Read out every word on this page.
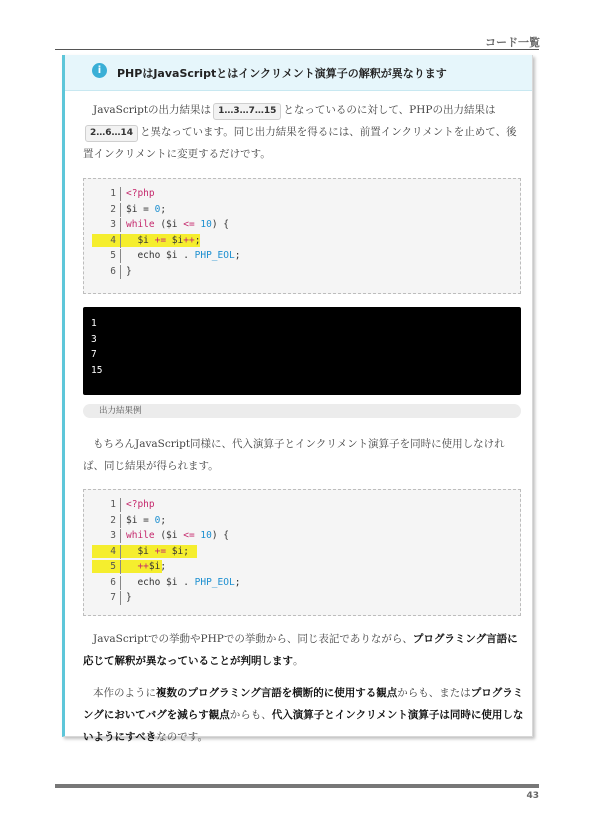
コード一覧
i	PHPはJavaScriptとはインクリメント演算子の解釈が異なります
JavaScriptの出力結果は 1…3…7…15 となっているのに対して、PHPの出力結果は2…6…14 と異なっています。同じ出力結果を得るには、前置インクリメントを止めて、後置インクリメントに変更するだけです。
1 <?php
2 $i = 0;
3 while ($i <= 10) {
4 $i += $i++;
5 echo $i . PHP_EOL;
6 }
1
3
7
15
出力結果例
もちろんJavaScript同様に、代入演算子とインクリメント演算子を同時に使用しなければ、同じ結果が得られます。
1 <?php
2 $i = 0;
3 while ($i <= 10) {
4 $i += $i;
5	++$i;
6 echo $i . PHP_EOL;
7 }
JavaScriptでの挙動やPHPでの挙動から、同じ表記でありながら、プログラミング言語に応じて解釈が異なっていることが判明します。
本作のように複数のプログラミング言語を横断的に使用する観点からも、またはプログラミングにおいてバグを減らす観点からも、代入演算子とインクリメント演算子は同時に使用しないようにすべきなのです。
43
